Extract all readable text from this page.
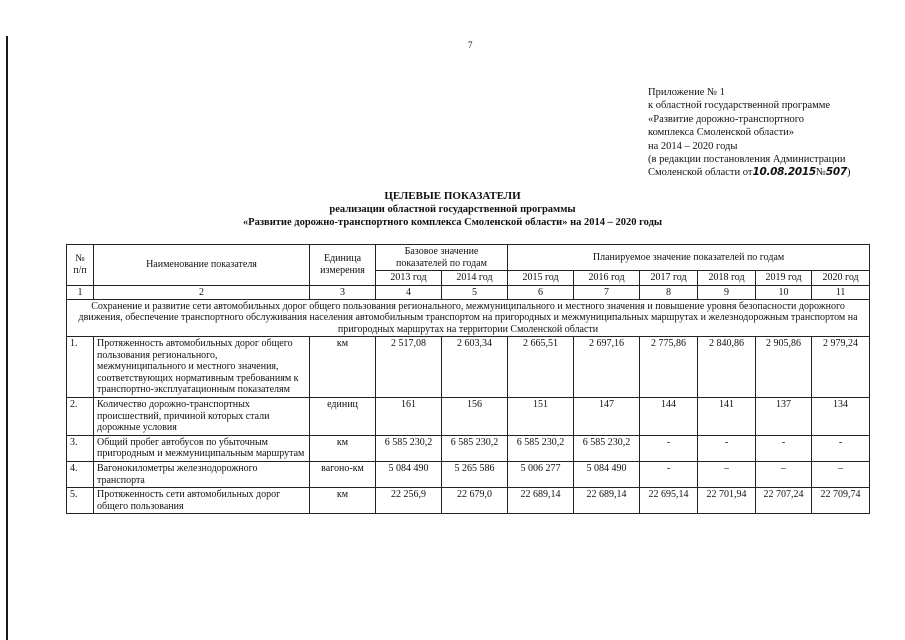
7
Приложение № 1
к областной государственной программе
«Развитие дорожно-транспортного
комплекса Смоленской области»
на 2014 – 2020 годы
(в редакции постановления Администрации
Смоленской области от10.08.2015№507)
ЦЕЛЕВЫЕ ПОКАЗАТЕЛИ
реализации областной государственной программы
«Развитие дорожно-транспортного комплекса Смоленской области» на 2014 – 2020 годы
№ п/п	Наименование показателя	Единица измерения	Базовое значение показателей по годам		Планируемое значение показателей по годам					
			2013 год	2014 год	2015 год	2016 год	2017 год	2018 год	2019 год	2020 год
1	2	3	4	5	6	7	8	9	10	11
Сохранение и развитие сети автомобильных дорог общего пользования регионального, межмуниципального и местного значения и повышение уровня безопасности дорожного движения, обеспечение транспортного обслуживания населения автомобильным транспортом на пригородных и межмуниципальных маршрутах и железнодорожным транспортом на пригородных маршрутах на территории Смоленской области										
1.	Протяженность автомобильных дорог общего пользования регионального, межмуниципального и местного значения, соответствующих нормативным требованиям к транспортно-эксплуатационным показателям	км	2 517,08	2 603,34	2 665,51	2 697,16	2 775,86	2 840,86	2 905,86	2 979,24
2.	Количество дорожно-транспортных происшествий, причиной которых стали дорожные условия	единиц	161	156	151	147	144	141	137	134
3.	Общий пробег автобусов по убыточным пригородным и межмуниципальным маршрутам	км	6 585 230,2	6 585 230,2	6 585 230,2	6 585 230,2	-	-	-	-
4.	Вагонокилометры железнодорожного транспорта	вагоно-км	5 084 490	5 265 586	5 006 277	5 084 490	-	–	–	–
5.	Протяженность сети автомобильных дорог общего пользования	км	22 256,9	22 679,0	22 689,14	22 689,14	22 695,14	22 701,94	22 707,24	22 709,74
